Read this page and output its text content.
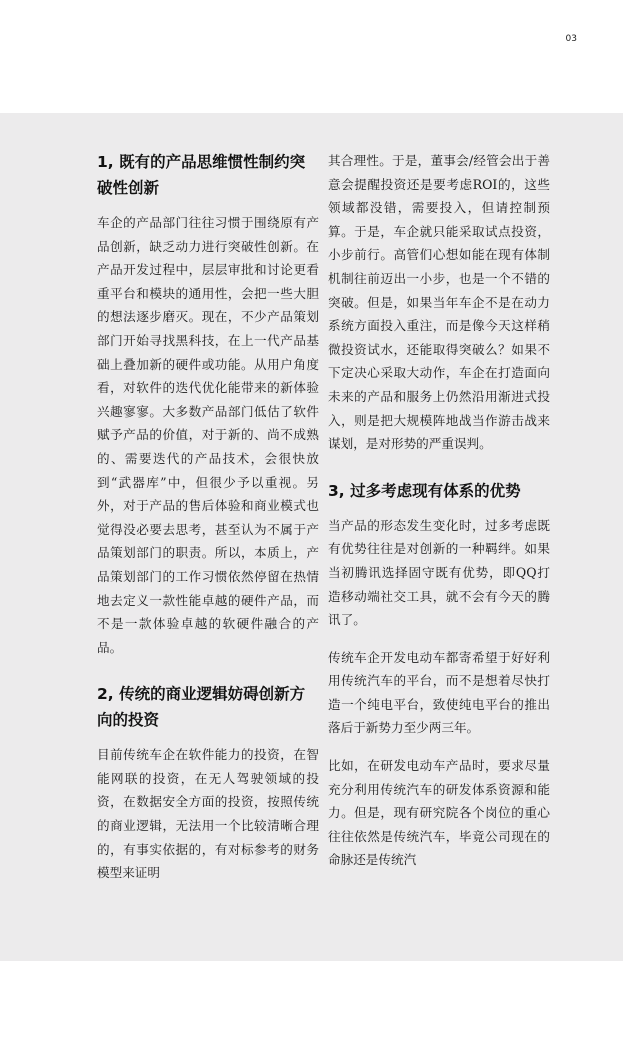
03
1, 既有的产品思维惯性制约突破性创新

车企的产品部门往往习惯于围绕原有产品创新，缺乏动力进行突破性创新。在产品开发过程中，层层审批和讨论更看重平台和模块的通用性，会把一些大胆的想法逐步磨灭。现在，不少产品策划部门开始寻找黑科技，在上一代产品基础上叠加新的硬件或功能。从用户角度看，对软件的迭代优化能带来的新体验兴趣寥寥。大多数产品部门低估了软件赋予产品的价值，对于新的、尚不成熟的、需要迭代的产品技术，会很快放到“武器库”中，但很少予以重视。另外，对于产品的售后体验和商业模式也觉得没必要去思考，甚至认为不属于产品策划部门的职责。所以，本质上，产品策划部门的工作习惯依然停留在热情地去定义一款性能卓越的硬件产品，而不是一款体验卓越的软硬件融合的产品。

2, 传统的商业逻辑妨碍创新方向的投资

目前传统车企在软件能力的投资，在智能网联的投资，在无人驾驶领域的投资，在数据安全方面的投资，按照传统的商业逻辑，无法用一个比较清晰合理的，有事实依据的，有对标参考的财务模型来证明

其合理性。于是，董事会/经管会出于善意会提醒投资还是要考虑ROI的，这些领域都没错，需要投入，但请控制预算。于是，车企就只能采取试点投资，小步前行。高管们心想如能在现有体制机制往前迈出一小步，也是一个不错的突破。但是，如果当年车企不是在动力系统方面投入重注，而是像今天这样稍微投资试水，还能取得突破么？如果不下定决心采取大动作，车企在打造面向未来的产品和服务上仍然沿用渐进式投入，则是把大规模阵地战当作游击战来谋划，是对形势的严重误判。

3, 过多考虑现有体系的优势

当产品的形态发生变化时，过多考虑既有优势往往是对创新的一种羁绊。如果当初腾讯选择固守既有优势，即QQ打造移动端社交工具，就不会有今天的腾讯了。

传统车企开发电动车都寄希望于好好利用传统汽车的平台，而不是想着尽快打造一个纯电平台，致使纯电平台的推出落后于新势力至少两三年。

比如，在研发电动车产品时，要求尽量充分利用传统汽车的研发体系资源和能力。但是，现有研究院各个岗位的重心往往依然是传统汽车，毕竟公司现在的命脉还是传统汽
